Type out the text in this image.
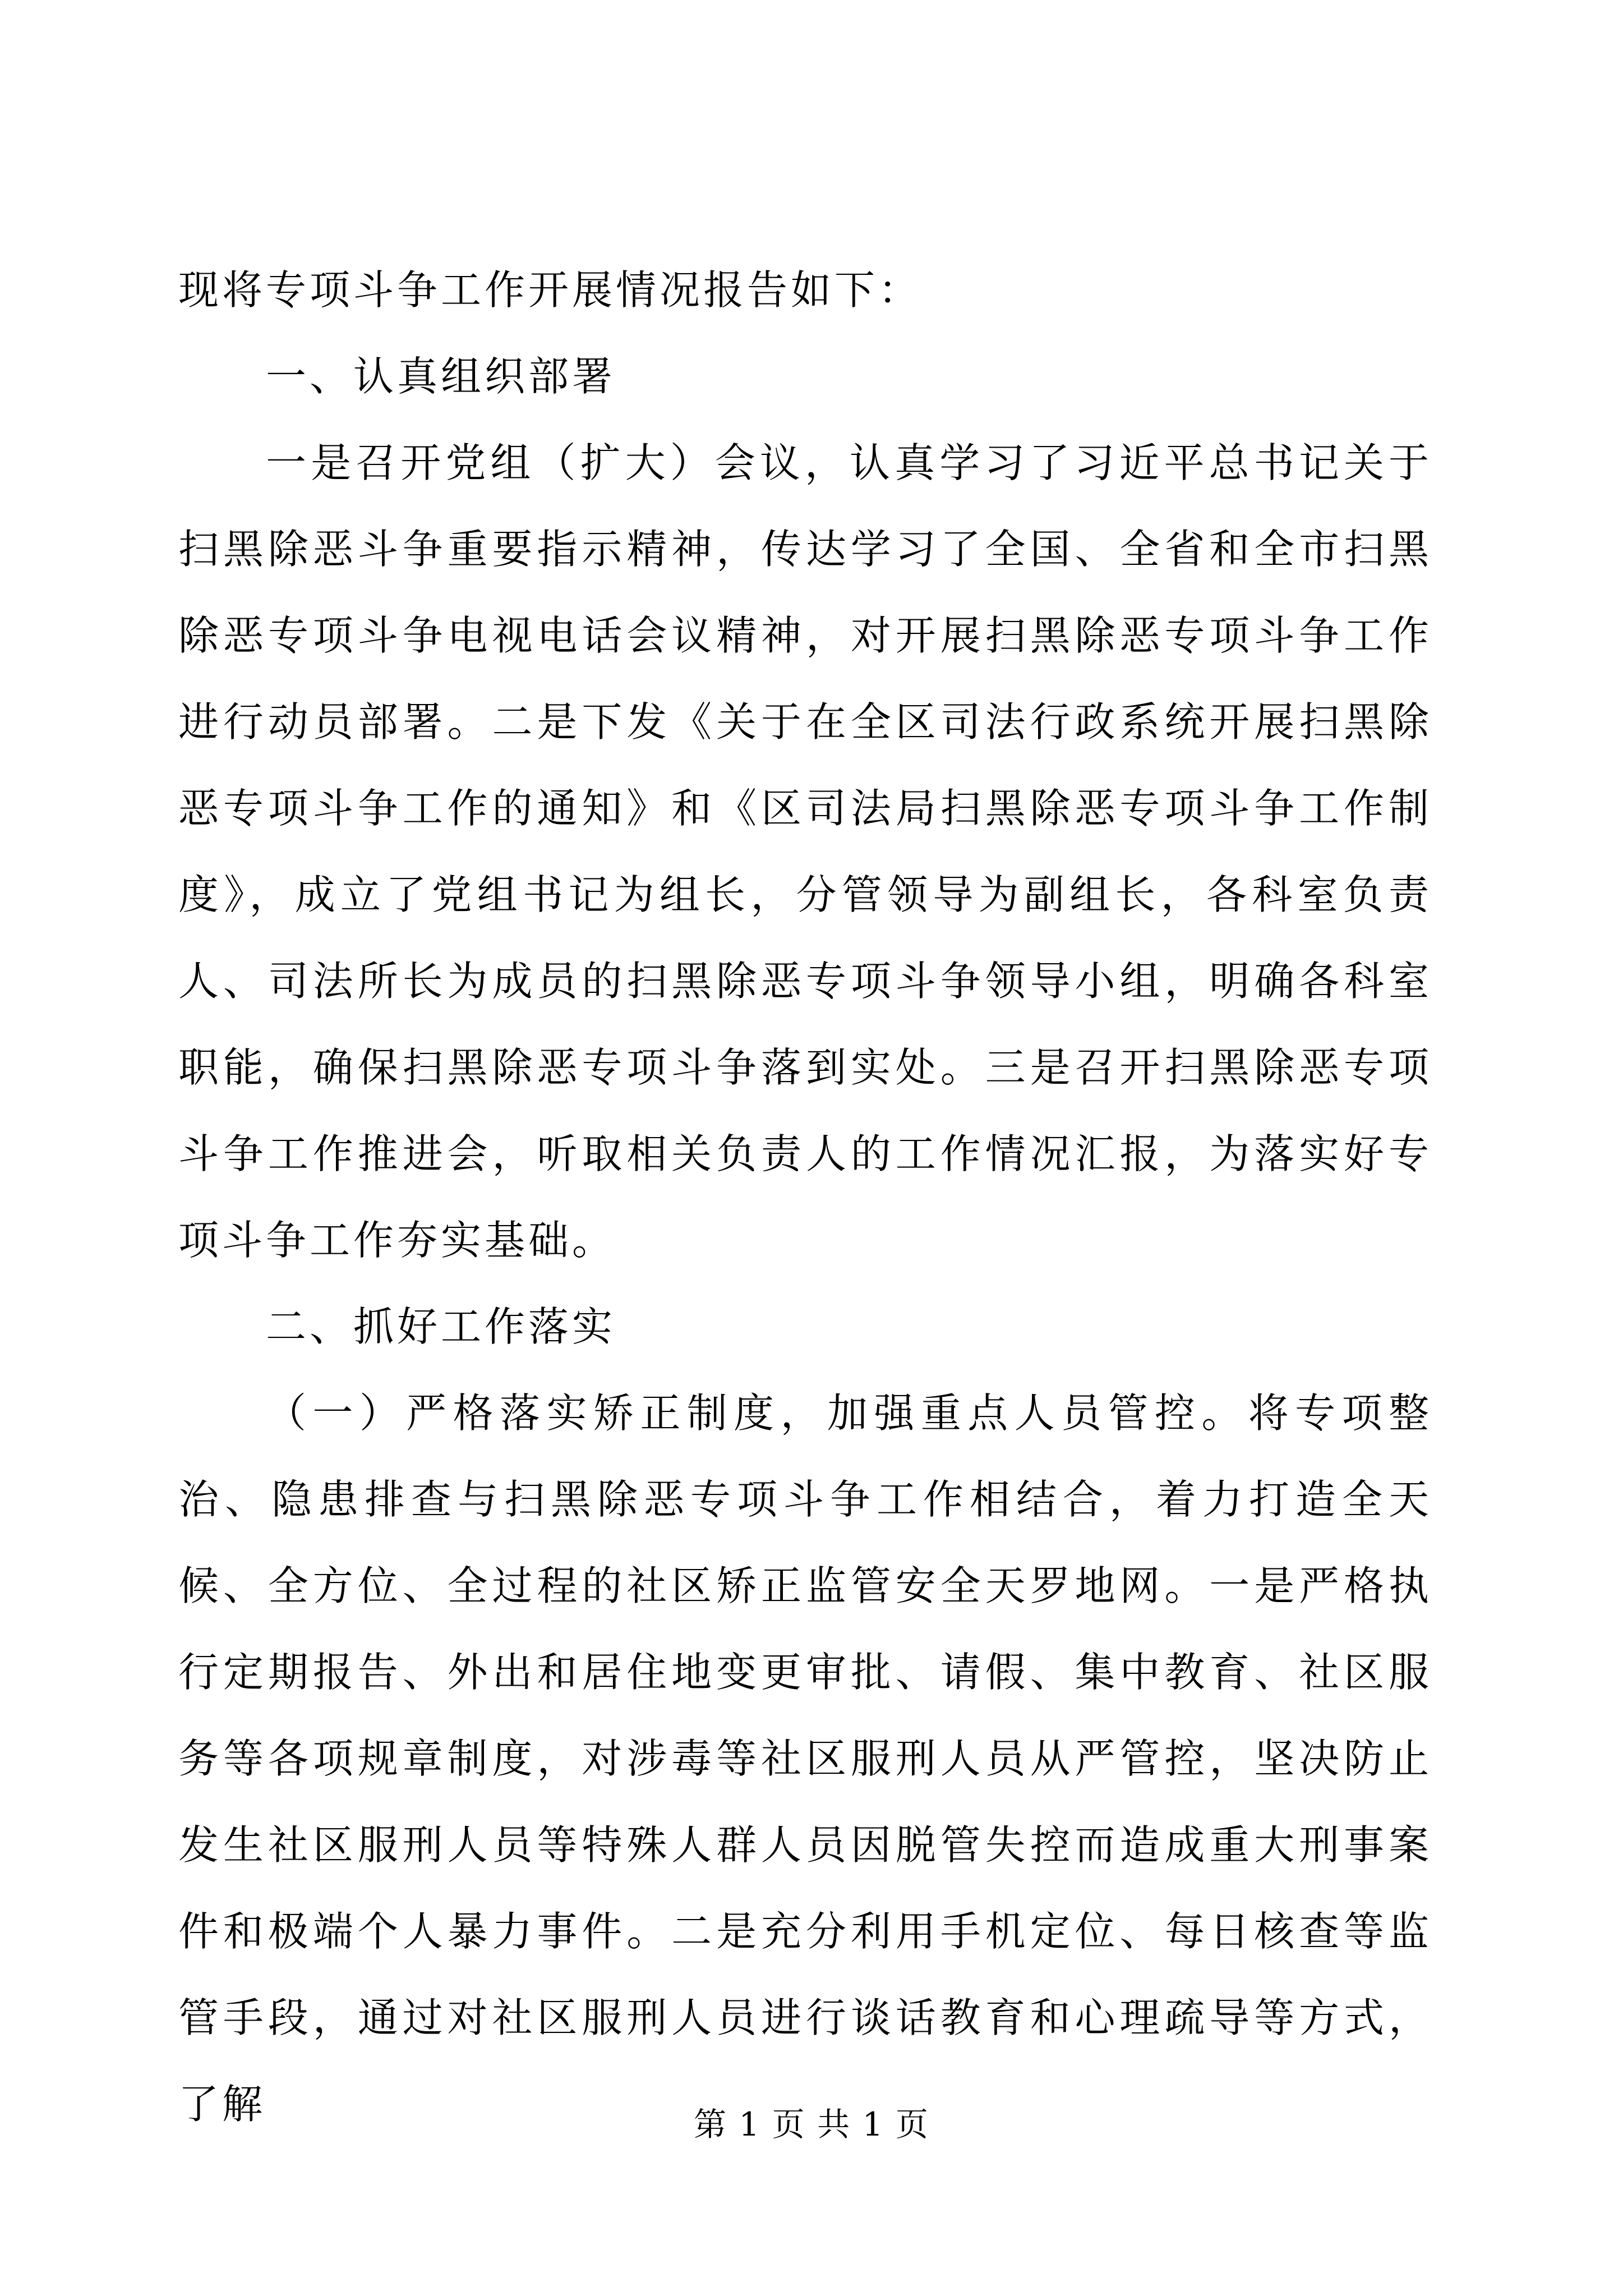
现将专项斗争工作开展情况报告如下：

一、认真组织部署

一是召开党组（扩大）会议，认真学习了习近平总书记关于扫黑除恶斗争重要指示精神，传达学习了全国、全省和全市扫黑除恶专项斗争电视电话会议精神，对开展扫黑除恶专项斗争工作进行动员部署。二是下发《关于在全区司法行政系统开展扫黑除恶专项斗争工作的通知》和《区司法局扫黑除恶专项斗争工作制度》，成立了党组书记为组长，分管领导为副组长，各科室负责人、司法所长为成员的扫黑除恶专项斗争领导小组，明确各科室职能，确保扫黑除恶专项斗争落到实处。三是召开扫黑除恶专项斗争工作推进会，听取相关负责人的工作情况汇报，为落实好专项斗争工作夯实基础。

二、抓好工作落实

（一）严格落实矫正制度，加强重点人员管控。将专项整治、隐患排查与扫黑除恶专项斗争工作相结合，着力打造全天候、全方位、全过程的社区矫正监管安全天罗地网。一是严格执行定期报告、外出和居住地变更审批、请假、集中教育、社区服务等各项规章制度，对涉毒等社区服刑人员从严管控，坚决防止发生社区服刑人员等特殊人群人员因脱管失控而造成重大刑事案件和极端个人暴力事件。二是充分利用手机定位、每日核查等监管手段，通过对社区服刑人员进行谈话教育和心理疏导等方式，了解	第 1 页 共 1 页
